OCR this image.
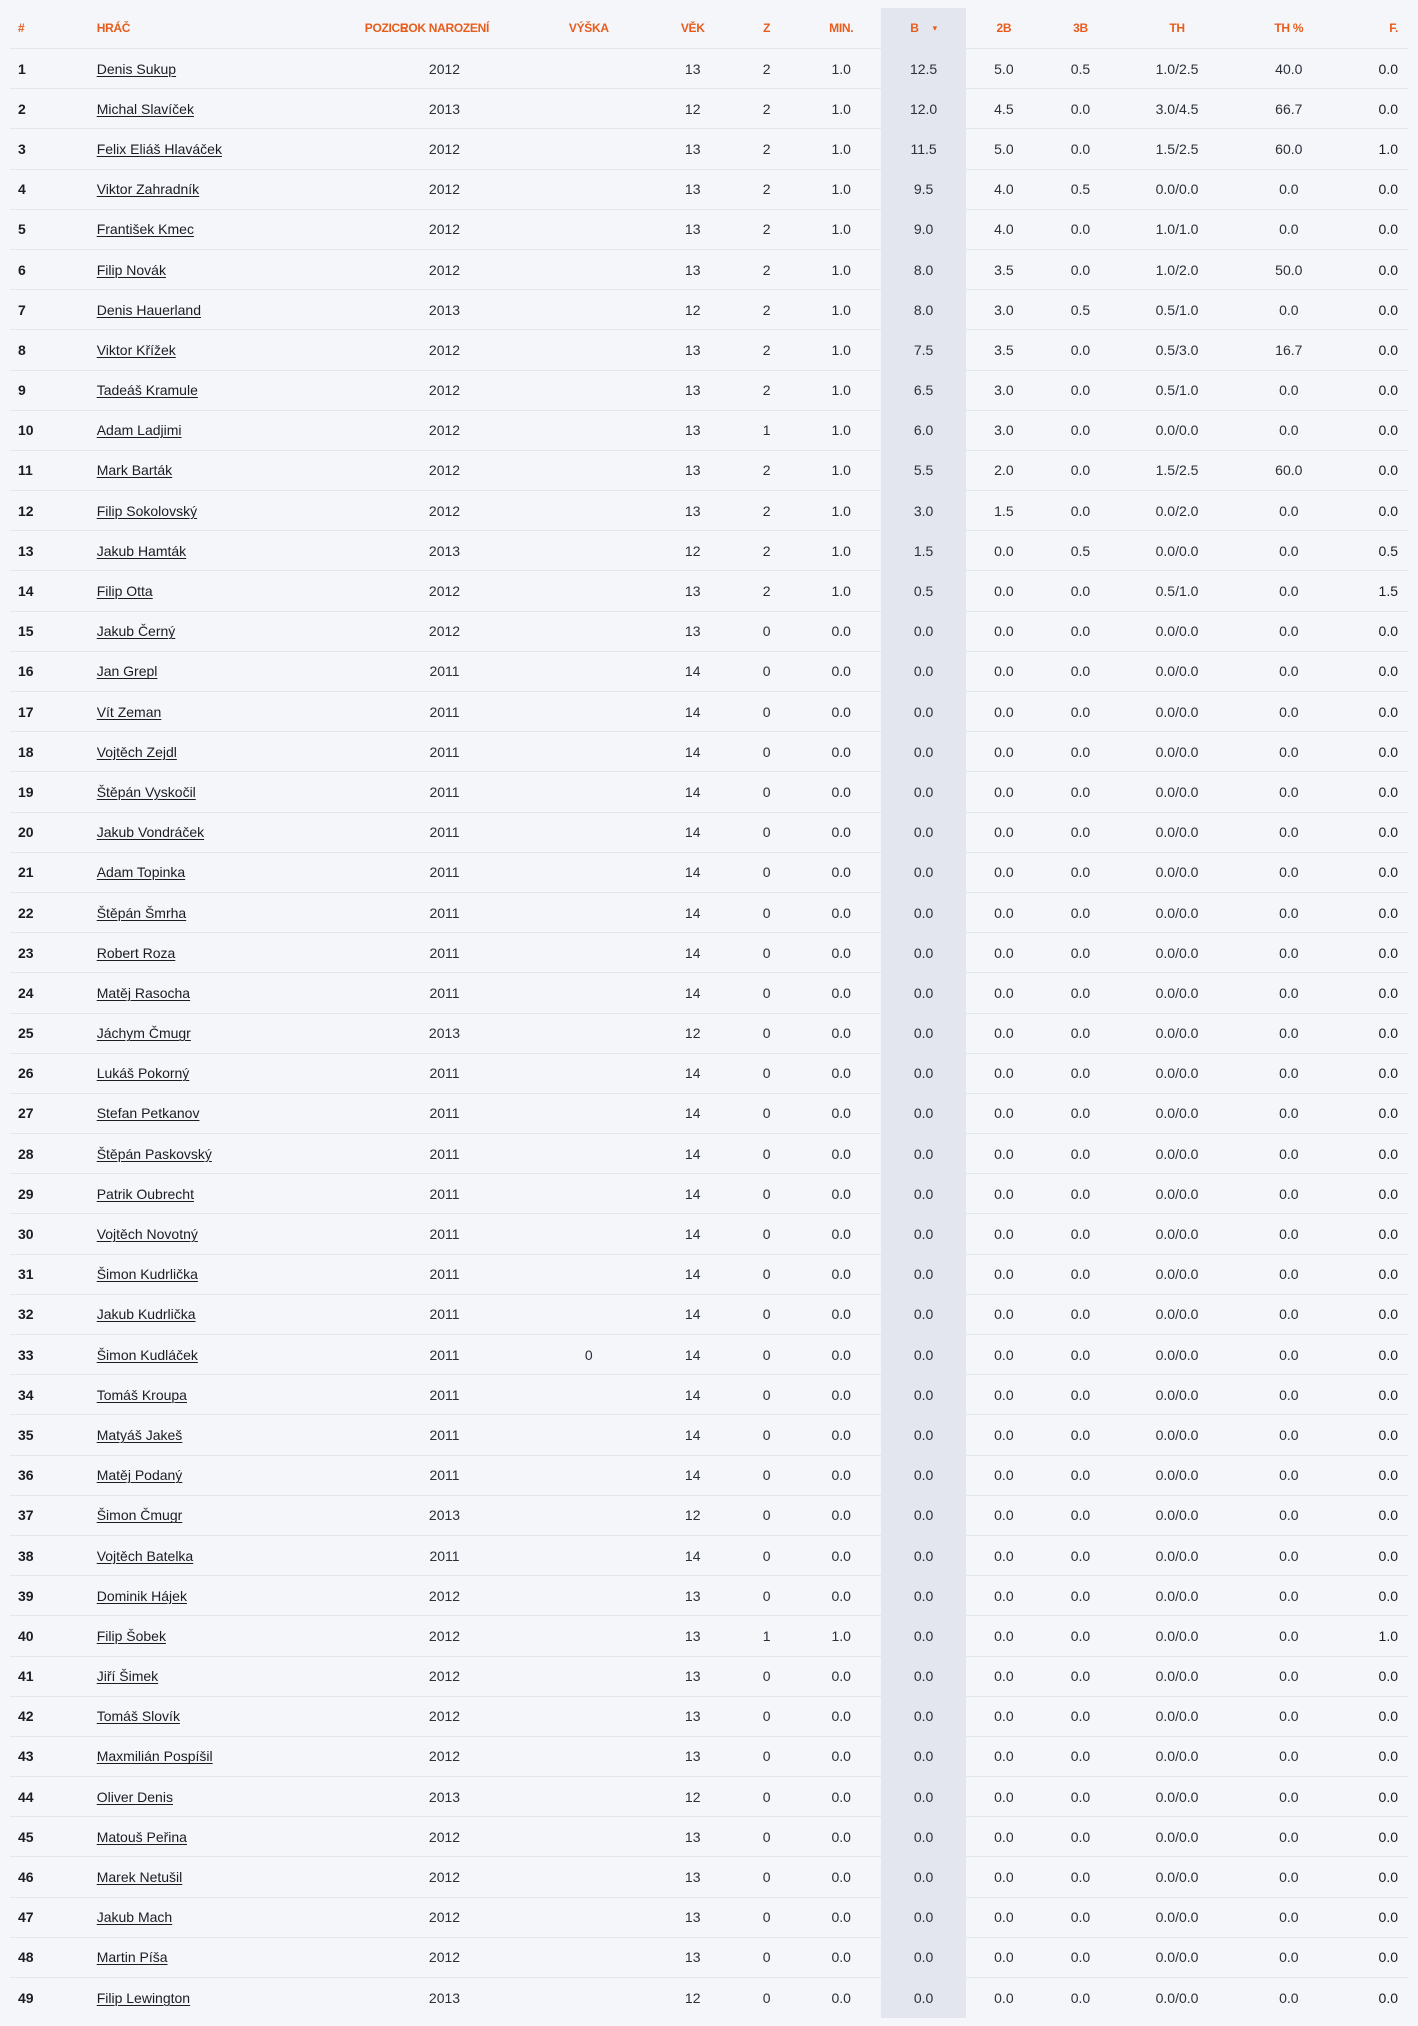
#	HRÁČ	POZICE	ROK NAROZENÍ	VÝŠKA	VĚK	Z	MIN.	B ▾	2B	3B	TH	TH %	F.
1	Denis Sukup		2012		13	2	1.0	12.5	5.0	0.5	1.0/2.5	40.0	0.0
2	Michal Slavíček		2013		12	2	1.0	12.0	4.5	0.0	3.0/4.5	66.7	0.0
3	Felix Eliáš Hlaváček		2012		13	2	1.0	11.5	5.0	0.0	1.5/2.5	60.0	1.0
4	Viktor Zahradník		2012		13	2	1.0	9.5	4.0	0.5	0.0/0.0	0.0	0.0
5	František Kmec		2012		13	2	1.0	9.0	4.0	0.0	1.0/1.0	0.0	0.0
6	Filip Novák		2012		13	2	1.0	8.0	3.5	0.0	1.0/2.0	50.0	0.0
7	Denis Hauerland		2013		12	2	1.0	8.0	3.0	0.5	0.5/1.0	0.0	0.0
8	Viktor Křížek		2012		13	2	1.0	7.5	3.5	0.0	0.5/3.0	16.7	0.0
9	Tadeáš Kramule		2012		13	2	1.0	6.5	3.0	0.0	0.5/1.0	0.0	0.0
10	Adam Ladjimi		2012		13	1	1.0	6.0	3.0	0.0	0.0/0.0	0.0	0.0
11	Mark Barták		2012		13	2	1.0	5.5	2.0	0.0	1.5/2.5	60.0	0.0
12	Filip Sokolovský		2012		13	2	1.0	3.0	1.5	0.0	0.0/2.0	0.0	0.0
13	Jakub Hamták		2013		12	2	1.0	1.5	0.0	0.5	0.0/0.0	0.0	0.5
14	Filip Otta		2012		13	2	1.0	0.5	0.0	0.0	0.5/1.0	0.0	1.5
15	Jakub Černý		2012		13	0	0.0	0.0	0.0	0.0	0.0/0.0	0.0	0.0
16	Jan Grepl		2011		14	0	0.0	0.0	0.0	0.0	0.0/0.0	0.0	0.0
17	Vít Zeman		2011		14	0	0.0	0.0	0.0	0.0	0.0/0.0	0.0	0.0
18	Vojtěch Zejdl		2011		14	0	0.0	0.0	0.0	0.0	0.0/0.0	0.0	0.0
19	Štěpán Vyskočil		2011		14	0	0.0	0.0	0.0	0.0	0.0/0.0	0.0	0.0
20	Jakub Vondráček		2011		14	0	0.0	0.0	0.0	0.0	0.0/0.0	0.0	0.0
21	Adam Topinka		2011		14	0	0.0	0.0	0.0	0.0	0.0/0.0	0.0	0.0
22	Štěpán Šmrha		2011		14	0	0.0	0.0	0.0	0.0	0.0/0.0	0.0	0.0
23	Robert Roza		2011		14	0	0.0	0.0	0.0	0.0	0.0/0.0	0.0	0.0
24	Matěj Rasocha		2011		14	0	0.0	0.0	0.0	0.0	0.0/0.0	0.0	0.0
25	Jáchym Čmugr		2013		12	0	0.0	0.0	0.0	0.0	0.0/0.0	0.0	0.0
26	Lukáš Pokorný		2011		14	0	0.0	0.0	0.0	0.0	0.0/0.0	0.0	0.0
27	Stefan Petkanov		2011		14	0	0.0	0.0	0.0	0.0	0.0/0.0	0.0	0.0
28	Štěpán Paskovský		2011		14	0	0.0	0.0	0.0	0.0	0.0/0.0	0.0	0.0
29	Patrik Oubrecht		2011		14	0	0.0	0.0	0.0	0.0	0.0/0.0	0.0	0.0
30	Vojtěch Novotný		2011		14	0	0.0	0.0	0.0	0.0	0.0/0.0	0.0	0.0
31	Šimon Kudrlička		2011		14	0	0.0	0.0	0.0	0.0	0.0/0.0	0.0	0.0
32	Jakub Kudrlička		2011		14	0	0.0	0.0	0.0	0.0	0.0/0.0	0.0	0.0
33	Šimon Kudláček		2011	0	14	0	0.0	0.0	0.0	0.0	0.0/0.0	0.0	0.0
34	Tomáš Kroupa		2011		14	0	0.0	0.0	0.0	0.0	0.0/0.0	0.0	0.0
35	Matyáš Jakeš		2011		14	0	0.0	0.0	0.0	0.0	0.0/0.0	0.0	0.0
36	Matěj Podaný		2011		14	0	0.0	0.0	0.0	0.0	0.0/0.0	0.0	0.0
37	Šimon Čmugr		2013		12	0	0.0	0.0	0.0	0.0	0.0/0.0	0.0	0.0
38	Vojtěch Batelka		2011		14	0	0.0	0.0	0.0	0.0	0.0/0.0	0.0	0.0
39	Dominik Hájek		2012		13	0	0.0	0.0	0.0	0.0	0.0/0.0	0.0	0.0
40	Filip Šobek		2012		13	1	1.0	0.0	0.0	0.0	0.0/0.0	0.0	1.0
41	Jiří Šimek		2012		13	0	0.0	0.0	0.0	0.0	0.0/0.0	0.0	0.0
42	Tomáš Slovík		2012		13	0	0.0	0.0	0.0	0.0	0.0/0.0	0.0	0.0
43	Maxmilián Pospíšil		2012		13	0	0.0	0.0	0.0	0.0	0.0/0.0	0.0	0.0
44	Oliver Denis		2013		12	0	0.0	0.0	0.0	0.0	0.0/0.0	0.0	0.0
45	Matouš Peřina		2012		13	0	0.0	0.0	0.0	0.0	0.0/0.0	0.0	0.0
46	Marek Netušil		2012		13	0	0.0	0.0	0.0	0.0	0.0/0.0	0.0	0.0
47	Jakub Mach		2012		13	0	0.0	0.0	0.0	0.0	0.0/0.0	0.0	0.0
48	Martin Píša		2012		13	0	0.0	0.0	0.0	0.0	0.0/0.0	0.0	0.0
49	Filip Lewington		2013		12	0	0.0	0.0	0.0	0.0	0.0/0.0	0.0	0.0
